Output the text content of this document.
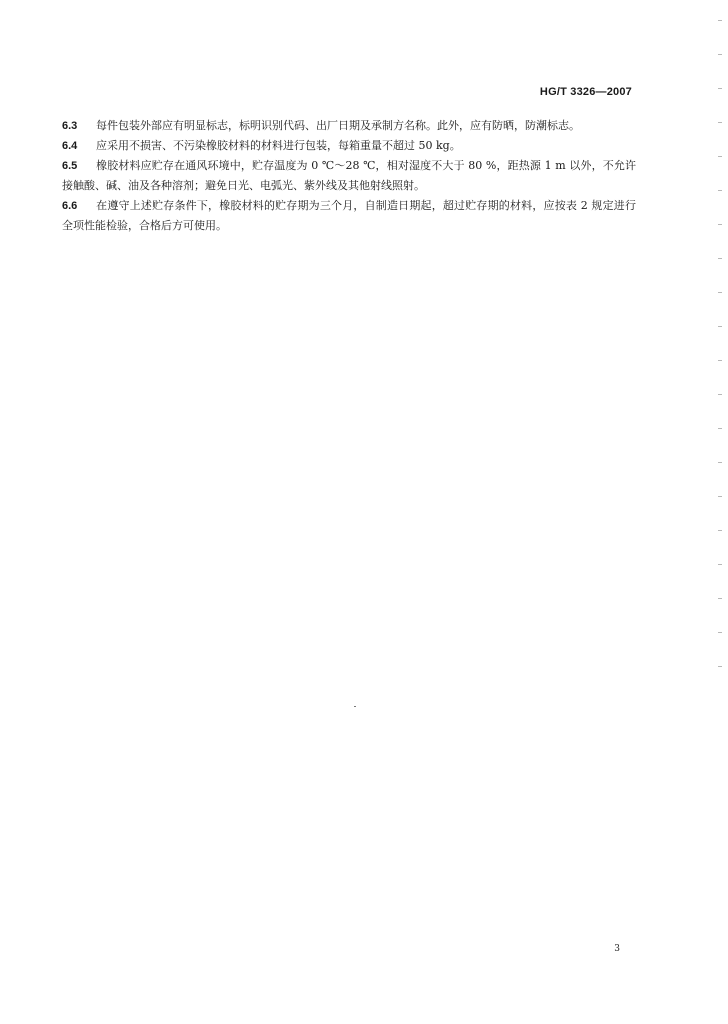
HG/T 3326—2007

6.3 每件包装外部应有明显标志，标明识别代码、出厂日期及承制方名称。此外，应有防晒，防潮标志。

6.4 应采用不损害、不污染橡胶材料的材料进行包装，每箱重量不超过 50 kg。

6.5 橡胶材料应贮存在通风环境中，贮存温度为 0 ℃～28 ℃，相对湿度不大于 80 %，距热源 1 m 以外，不允许接触酸、碱、油及各种溶剂；避免日光、电弧光、紫外线及其他射线照射。

6.6 在遵守上述贮存条件下，橡胶材料的贮存期为三个月，自制造日期起，超过贮存期的材料，应按表 2 规定进行全项性能检验，合格后方可使用。

3
